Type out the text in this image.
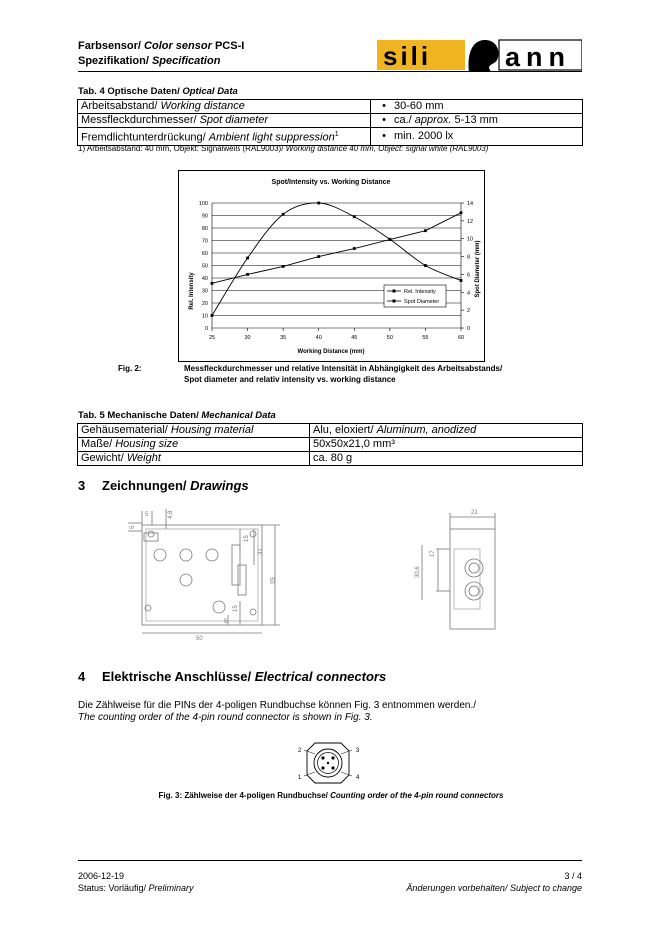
Farbsensor/ Color sensor PCS-I
Spezifikation/ Specification	sili	ann
Tab. 4 Optische Daten/ Optical Data
Arbeitsabstand/ Working distance	• 30-60 mm
Messfleckdurchmesser/ Spot diameter	• ca./ approx. 5-13 mm
Fremdlichtunterdrückung/ Ambient light suppression$^1$	• min. 2000 lx
1) Arbeitsabstand: 40 mm, Objekt: Signalweiß (RAL9003)/ Working distance 40 mm, Object: signal white (RAL9003)
Spot/Intensity vs. Working Distance
Working Distance (mm)
Rel. Intensity	Spot Diameter (mm)
0
10
20
30
40
50
60
70
80
90
100
0
2
4
6
8
10
12
14
25	30	35	40	45	50	55	60
Rel. Intensity
Spot Diameter
Fig. 2:	Messfleckdurchmesser und relative Intensität in Abhängigkeit des Arbeitsabstands/
Spot diameter and relativ intensity vs. working distance
Tab. 5 Mechanische Daten/ Mechanical Data
Gehäusematerial/ Housing material	Alu, eloxiert/ Aluminum, anodized
Maße/ Housing size	50x50x21,0 mm³
Gewicht/ Weight	ca. 80 g
3 Zeichnungen/ Drawings
5	4,8
5
15
31
50
15
50
5
21
17
30,6
4 Elektrische Anschlüsse/ Electrical connectors
Die Zählweise für die PINs der 4-poligen Rundbuchse können Fig. 3 entnommen werden./
The counting order of the 4-pin round connector is shown in Fig. 3.
2	3
1	4
Fig. 3: Zählweise der 4-poligen Rundbuchse/ Counting order of the 4-pin round connectors
2006-12-19
Status: Vorläufig/ Preliminary
3 / 4
Änderungen vorbehalten/ Subject to change
